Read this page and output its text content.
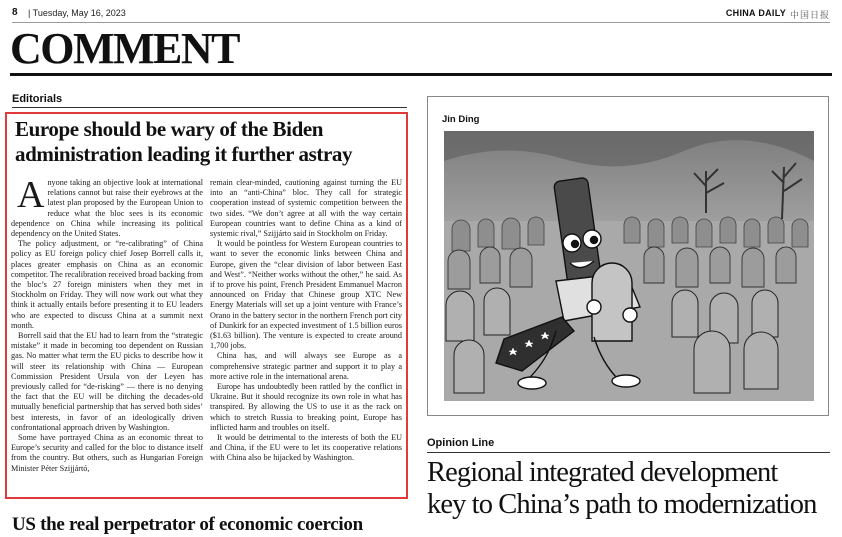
8 | Tuesday, May 16, 2023	CHINA DAILY 中国日报
COMMENT
Editorials
Europe should be wary of the Biden administration leading it further astray

Anyone taking an objective look at international relations cannot but raise their eyebrows at the latest plan proposed by the European Union to reduce what the bloc sees is its economic dependence on China while increasing its political dependency on the United States.

The policy adjustment, or “re-calibrating” of China policy as EU foreign policy chief Josep Borrell calls it, places greater emphasis on China as an economic competitor. The recalibration received broad backing from the bloc’s 27 foreign ministers when they met in Stockholm on Friday. They will now work out what they think it actually entails before presenting it to EU leaders who are expected to discuss China at a summit next month.

Borrell said that the EU had to learn from the “strategic mistake” it made in becoming too dependent on Russian gas. No matter what term the EU picks to describe how it will steer its relationship with China — European Commission President Ursula von der Leyen has previously called for “de-risking” — there is no denying the fact that the EU will be ditching the decades-old mutually beneficial partnership that has served both sides’ best interests, in favor of an ideologically driven confrontational approach driven by Washington.

Some have portrayed China as an economic threat to Europe’s security and called for the bloc to distance itself from the country. But others, such as Hungarian Foreign Minister Péter Szijjártó,

remain clear-minded, cautioning against turning the EU into an “anti-China” bloc. They call for strategic cooperation instead of systemic competition between the two sides. “We don’t agree at all with the way certain European countries want to define China as a kind of systemic rival,” Szijjárto said in Stockholm on Friday.

It would be pointless for Western European countries to want to sever the economic links between China and Europe, given the “clear division of labor between East and West”. “Neither works without the other,” he said. As if to prove his point, French President Emmanuel Macron announced on Friday that Chinese group XTC New Energy Materials will set up a joint venture with France’s Orano in the battery sector in the northern French port city of Dunkirk for an expected investment of 1.5 billion euros ($1.63 billion). The venture is expected to create around 1,700 jobs.

China has, and will always see Europe as a comprehensive strategic partner and support it to play a more active role in the international arena.

Europe has undoubtedly been rattled by the conflict in Ukraine. But it should recognize its own role in what has transpired. By allowing the US to use it as the rack on which to stretch Russia to breaking point, Europe has inflicted harm and troubles on itself.

It would be detrimental to the interests of both the EU and China, if the EU were to let its cooperative relations with China also be hijacked by Washington.

US the real perpetrator of economic coercion
Jin Ding
Opinion Line
Regional integrated development
key to China’s path to modernization
